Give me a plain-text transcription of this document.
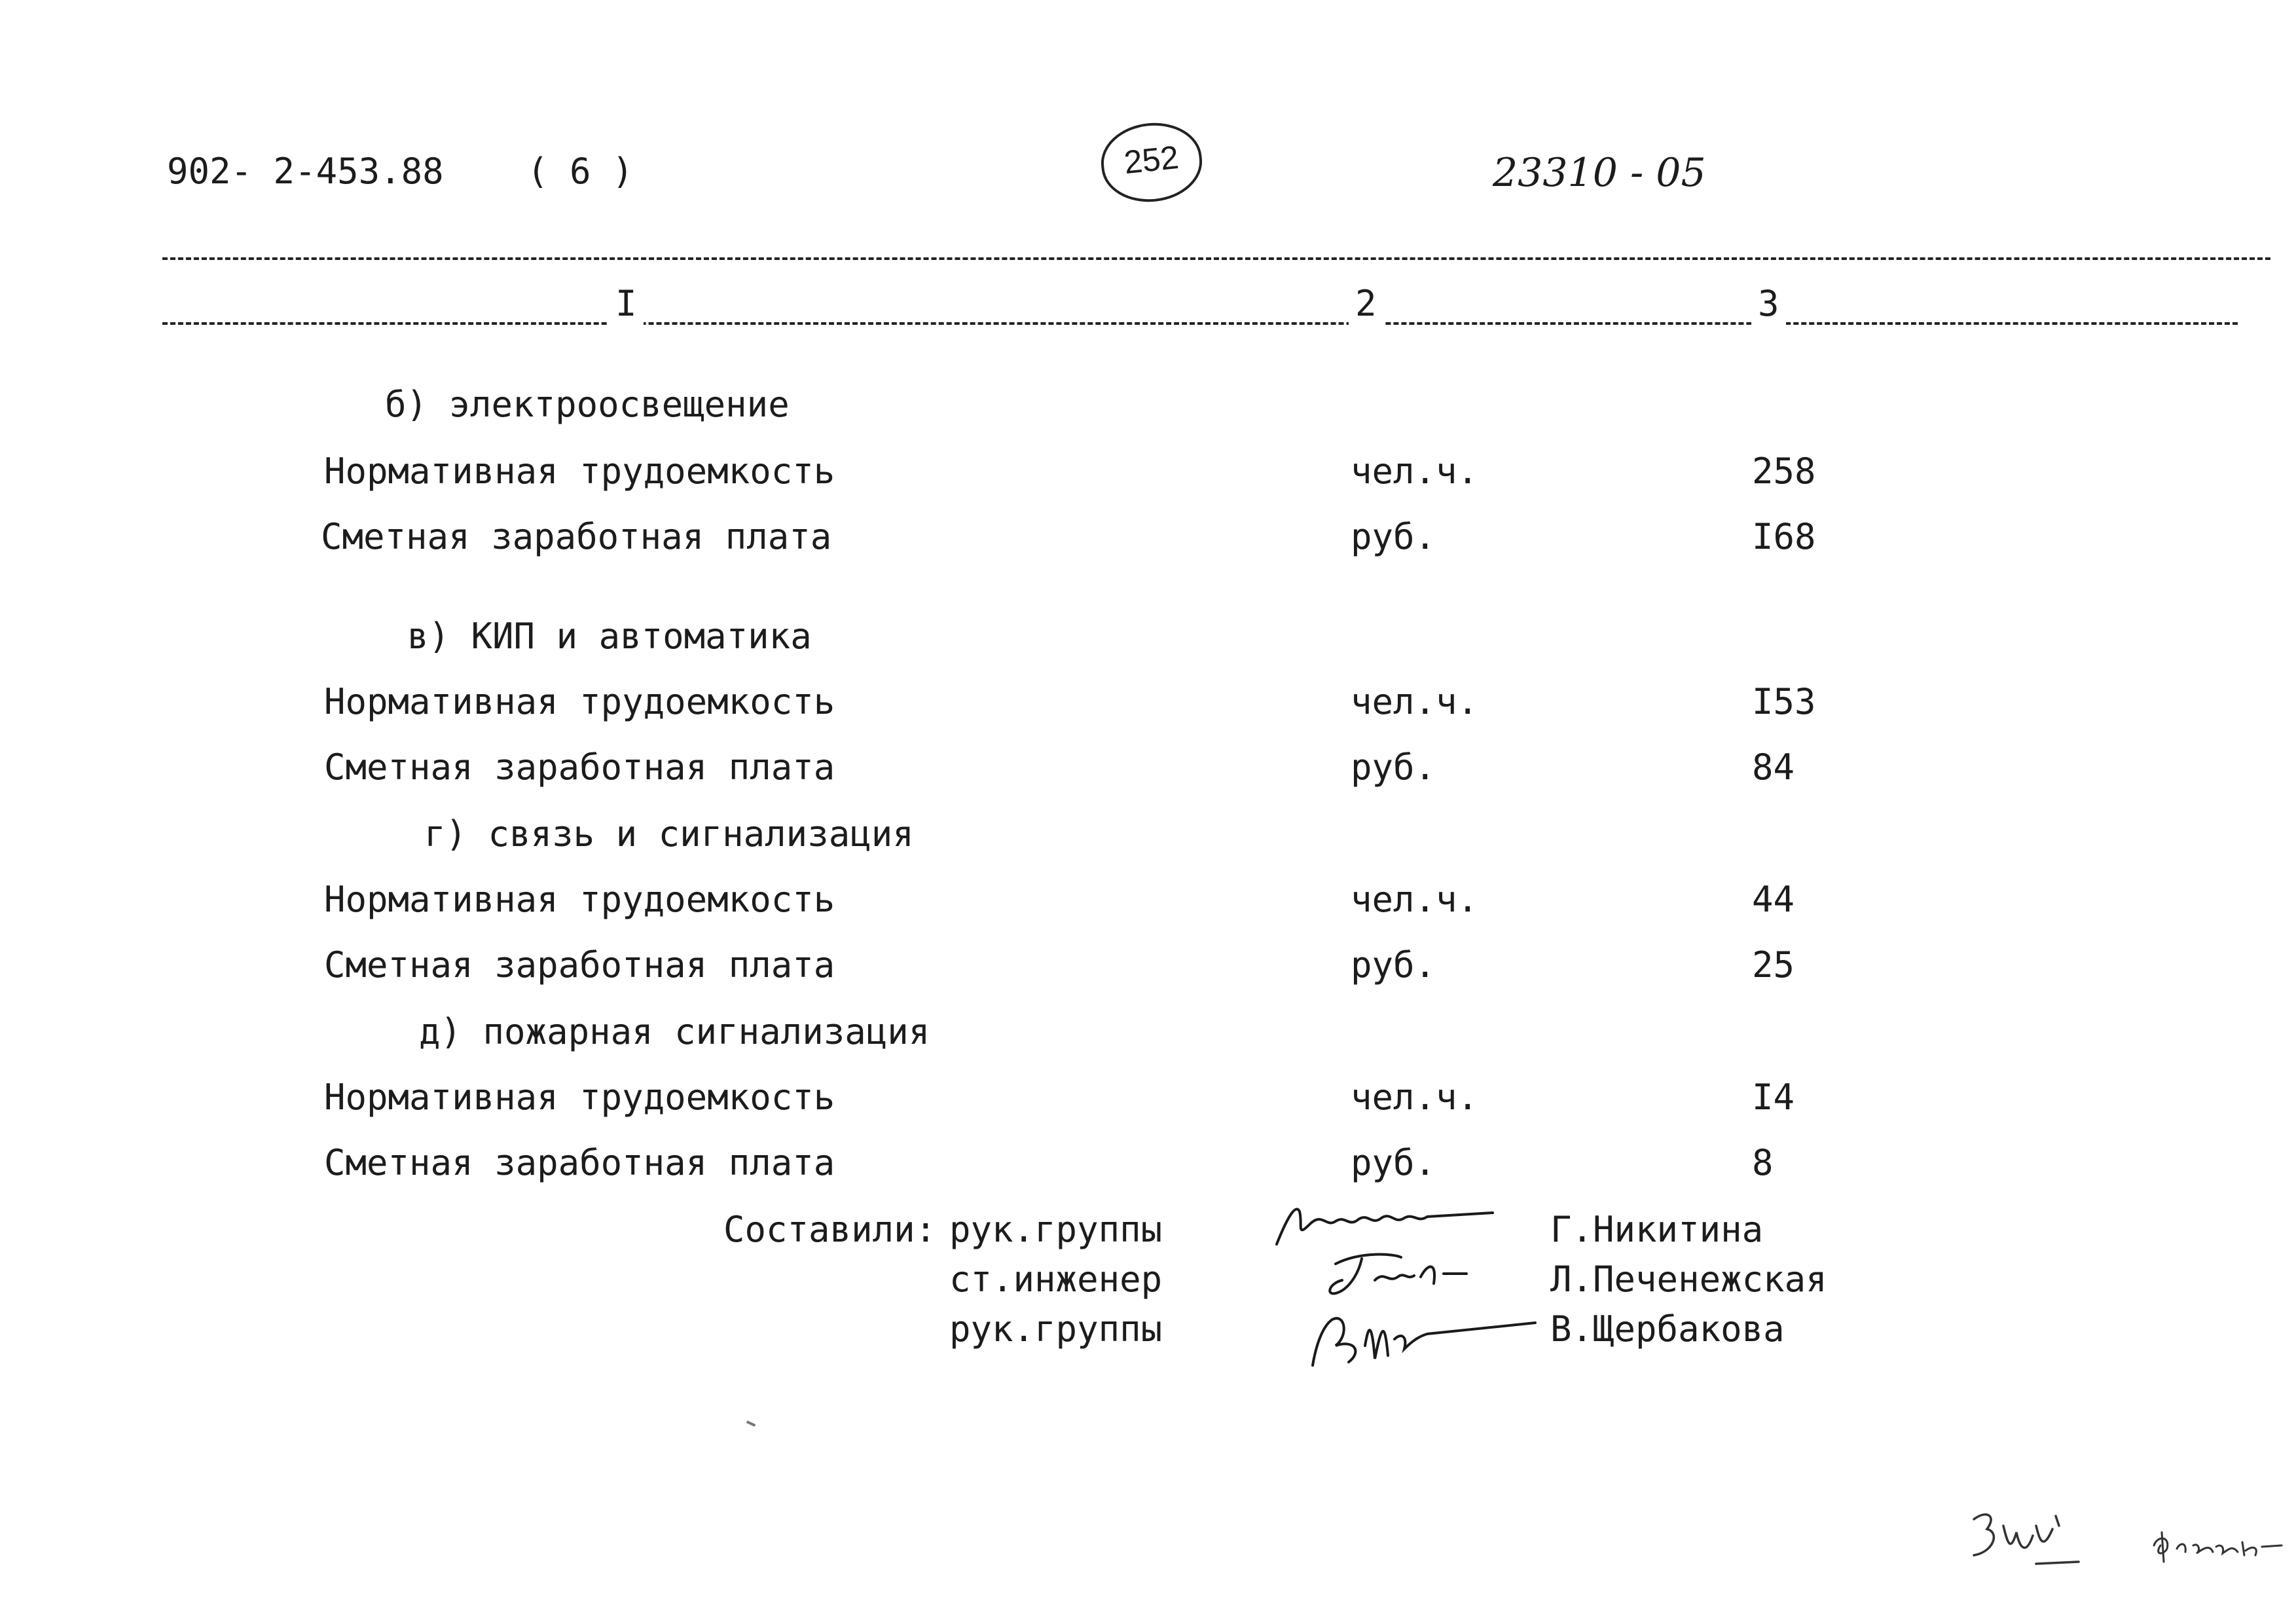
902- 2-453.88 ( 6 )	252	23310 - 05
I	2	3
б) электроосвещение
Нормативная трудоемкость	чел.ч.	258
Сметная заработная плата	руб.	I68
в) КИП и автоматика
Нормативная трудоемкость	чел.ч.	I53
Сметная заработная плата	руб.	84
г) связь и сигнализация
Нормативная трудоемкость	чел.ч.	44
Сметная заработная плата	руб.	25
д) пожарная сигнализация
Нормативная трудоемкость	чел.ч.	I4
Сметная заработная плата	руб.	8
Составили: рук.группы	Г.Никитина
ст.инженер	Л.Печенежская
рук.группы	В.Щербакова
